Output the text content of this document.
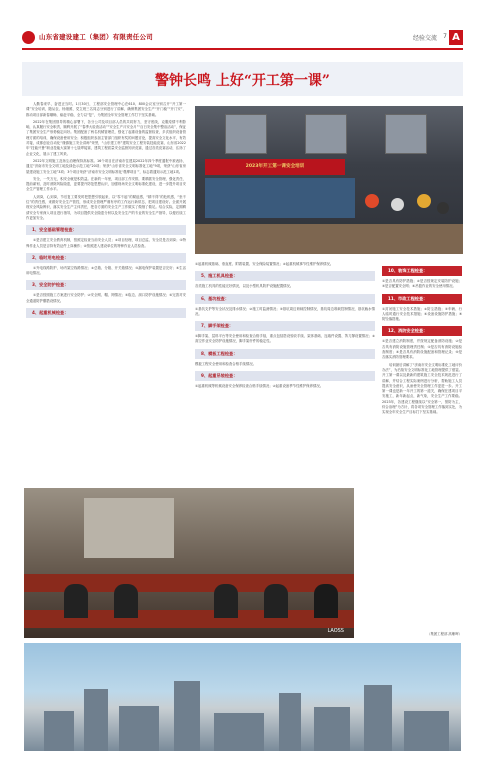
山东省建设建工（集团）有限责任公司	经验交流 7 A
警钟长鸣 上好“开工第一课”

人勤春来早，奋进正当时。1月30日，工程部安全管理中心在610、800会议室分别召开“开工第一课”安全培训，随从农、杨绪照、党立班三名同志分别进行了讲解，确保集团安全生产“开门稳”“开门安”，推动项目部新春顺畅，驱赶平稳、全力以“复”，为集团全年安全管理工作打下坚实基础。

2022年在集团领导的精心部署下，各分公司及项目部人员的共同努力，坚守底线，克服疫情不利影响，认真履行安全职责，顺利开展了“春季大检查活动”“安全生产月安全月”“百日安全集中整治活动”，保证了集团安全生产形势稳定向好。集团配备了两名机械管理员，强化了起重设备的监督检查，多次组织设备管理方面的培训，确保设备使用安全；积极组织参加主管部门组织有奖的问题讨论，提高安全文化水平，有效对接，成都创业自动化“谨慎施工安全讲师”荣誉，“山东建工杯”建筑安全工程安装技能竞赛，山东省2022年“技能兴鲁”职业技能大赛第十七届焊接赛，建筑工程质量安全监督知识竞赛，通过各类竞赛活动，弘扬了企业文化，展示了建工风采。

2022年文明施工及扬尘治理保持高标准。16个项目在济南市住建局2022年四个季度通报中被表扬，通过“济南市安全文明工地及绿色示范工地”20项；荣获“山东省安全文明标准化工地”9项，荣获“山东省房屋建设施工安全工地”3项；3个项目荣获“济南市安全文明标准化‘观摩项目’”，标志着通知示范工地1项。

安全，一失万无，积安全就是积效益。在新的一年里，项目部工作安排，要精抓安全管理，强化责任、提前谋划，及时消除风险隐患，更要提升防范思想认识，加强现场安全文明标准化建设，进一步提升项目安全生产管理工作水平。

人到岗，心到岗，节后复工要发时把思想引领起来，以“零不起”的紧迫感，“精不得”的危机感，“坐不住”的责任感，来做好安全生产管控，形成安全管理严谨有序的工作运行新常态，把项目建设好。全面开展现安全风险辨识，落实安全生产主体责任，把各方面的安全生产工作做实了做细了做足。结合实际，定期聘请安全专家深入项目进行指导，为项目提供安全隐患分析以及安全生产的专业的安全生产指导，以便后续工作更加安全。

1、安全基础管理检查：

①是否建立安全教育机制，按照定检查当前安全人员；②项目经理、项目总监、安全员是否到岗；③特殊作业人员是否持有效证件上岗操作；④按照进入建设单位的特种作业人员检查。

2、临时用电检查：

①外电线路防护、场内架空线路情况；②总箱、分箱、开关箱情况；③漏电保护装置是否完好；④生活用电情况。

3、安全防护检查：

①是否按照施工方案进行安全防护；②安全网、帽、网情况；③临边、洞口防护设施情况；④完善对安全通道防护棚搭设情况。

4、起重机械检查：
2023年开工第一课安全培训

①起重机械基础、垂直度、附着装置、安全保险装置情况；②起重机械事节性维护保养情况。

5、施工机具检查：

各类施工机具的性能完好情况，以及小型机具防护设施配置情况。

6、基坑检查：

①基坑支护等安全状况及排水情况；②施工时监测情况；③基坑周边荷载控制情况，基坑周边堆载控制情况，基坑截水情况。

7、脚手架检查：

①脚手架、层料平台等安全使用和检查合格手续，重点包括搭设验收手续、架体基础、连墙件设置、剪刀撑设置情况；②高空作业安全防护设施情况，脚手架杆件的稳定性。

8、模板工程检查：

模板工程安全使用和检查合格手续情况。

9、起重吊装检查：

①起重机械等机械设备安全保养检查合格手续情况；②起重设备季节性维护保养情况。

10、装饰工程检查：

①是否具有防护措施；②是否按规定安装防护设施；③是否配置安全网；④吊篮作业的安全使用情况。

11、市政工程检查：

①封闭施工安全技术措施；②防尘措施；③车辆、行人临时通行安全技术措施；④设备设施防护措施；⑤防坠落措施。

12、消防安全检查：

①是否建立消防制度，并按规定配备消防设施；②是否具有消防设施管理责任制；③是否具有消防设施检查制度；④是否具有消防设施配备和管理记录；⑤是否落实消防管理要求。

培训最后讲解了“济南市安全文明标准化工地评价办法”，为后续安全文明标准化工地管理提供了借鉴。开工第一课以及最新的建筑施工安全技术规范进行了讲解，并结合工程实际案例进行分析，帮助施工人员提高安全意识，从而使安全管理工作更进一步。开工第一课也是新一年开工的第一道关，确保在建项目平安施工，新年新起点，新气象，安全生产工作要稳。2023年，各建设工程继续以“安全第一，预防为主，综合治理”为方针，将各项安全管理工作落到实处，为实现全年安全生产目标打下坚实基础。

（集团工程部 高紫晖）
LAOSS
